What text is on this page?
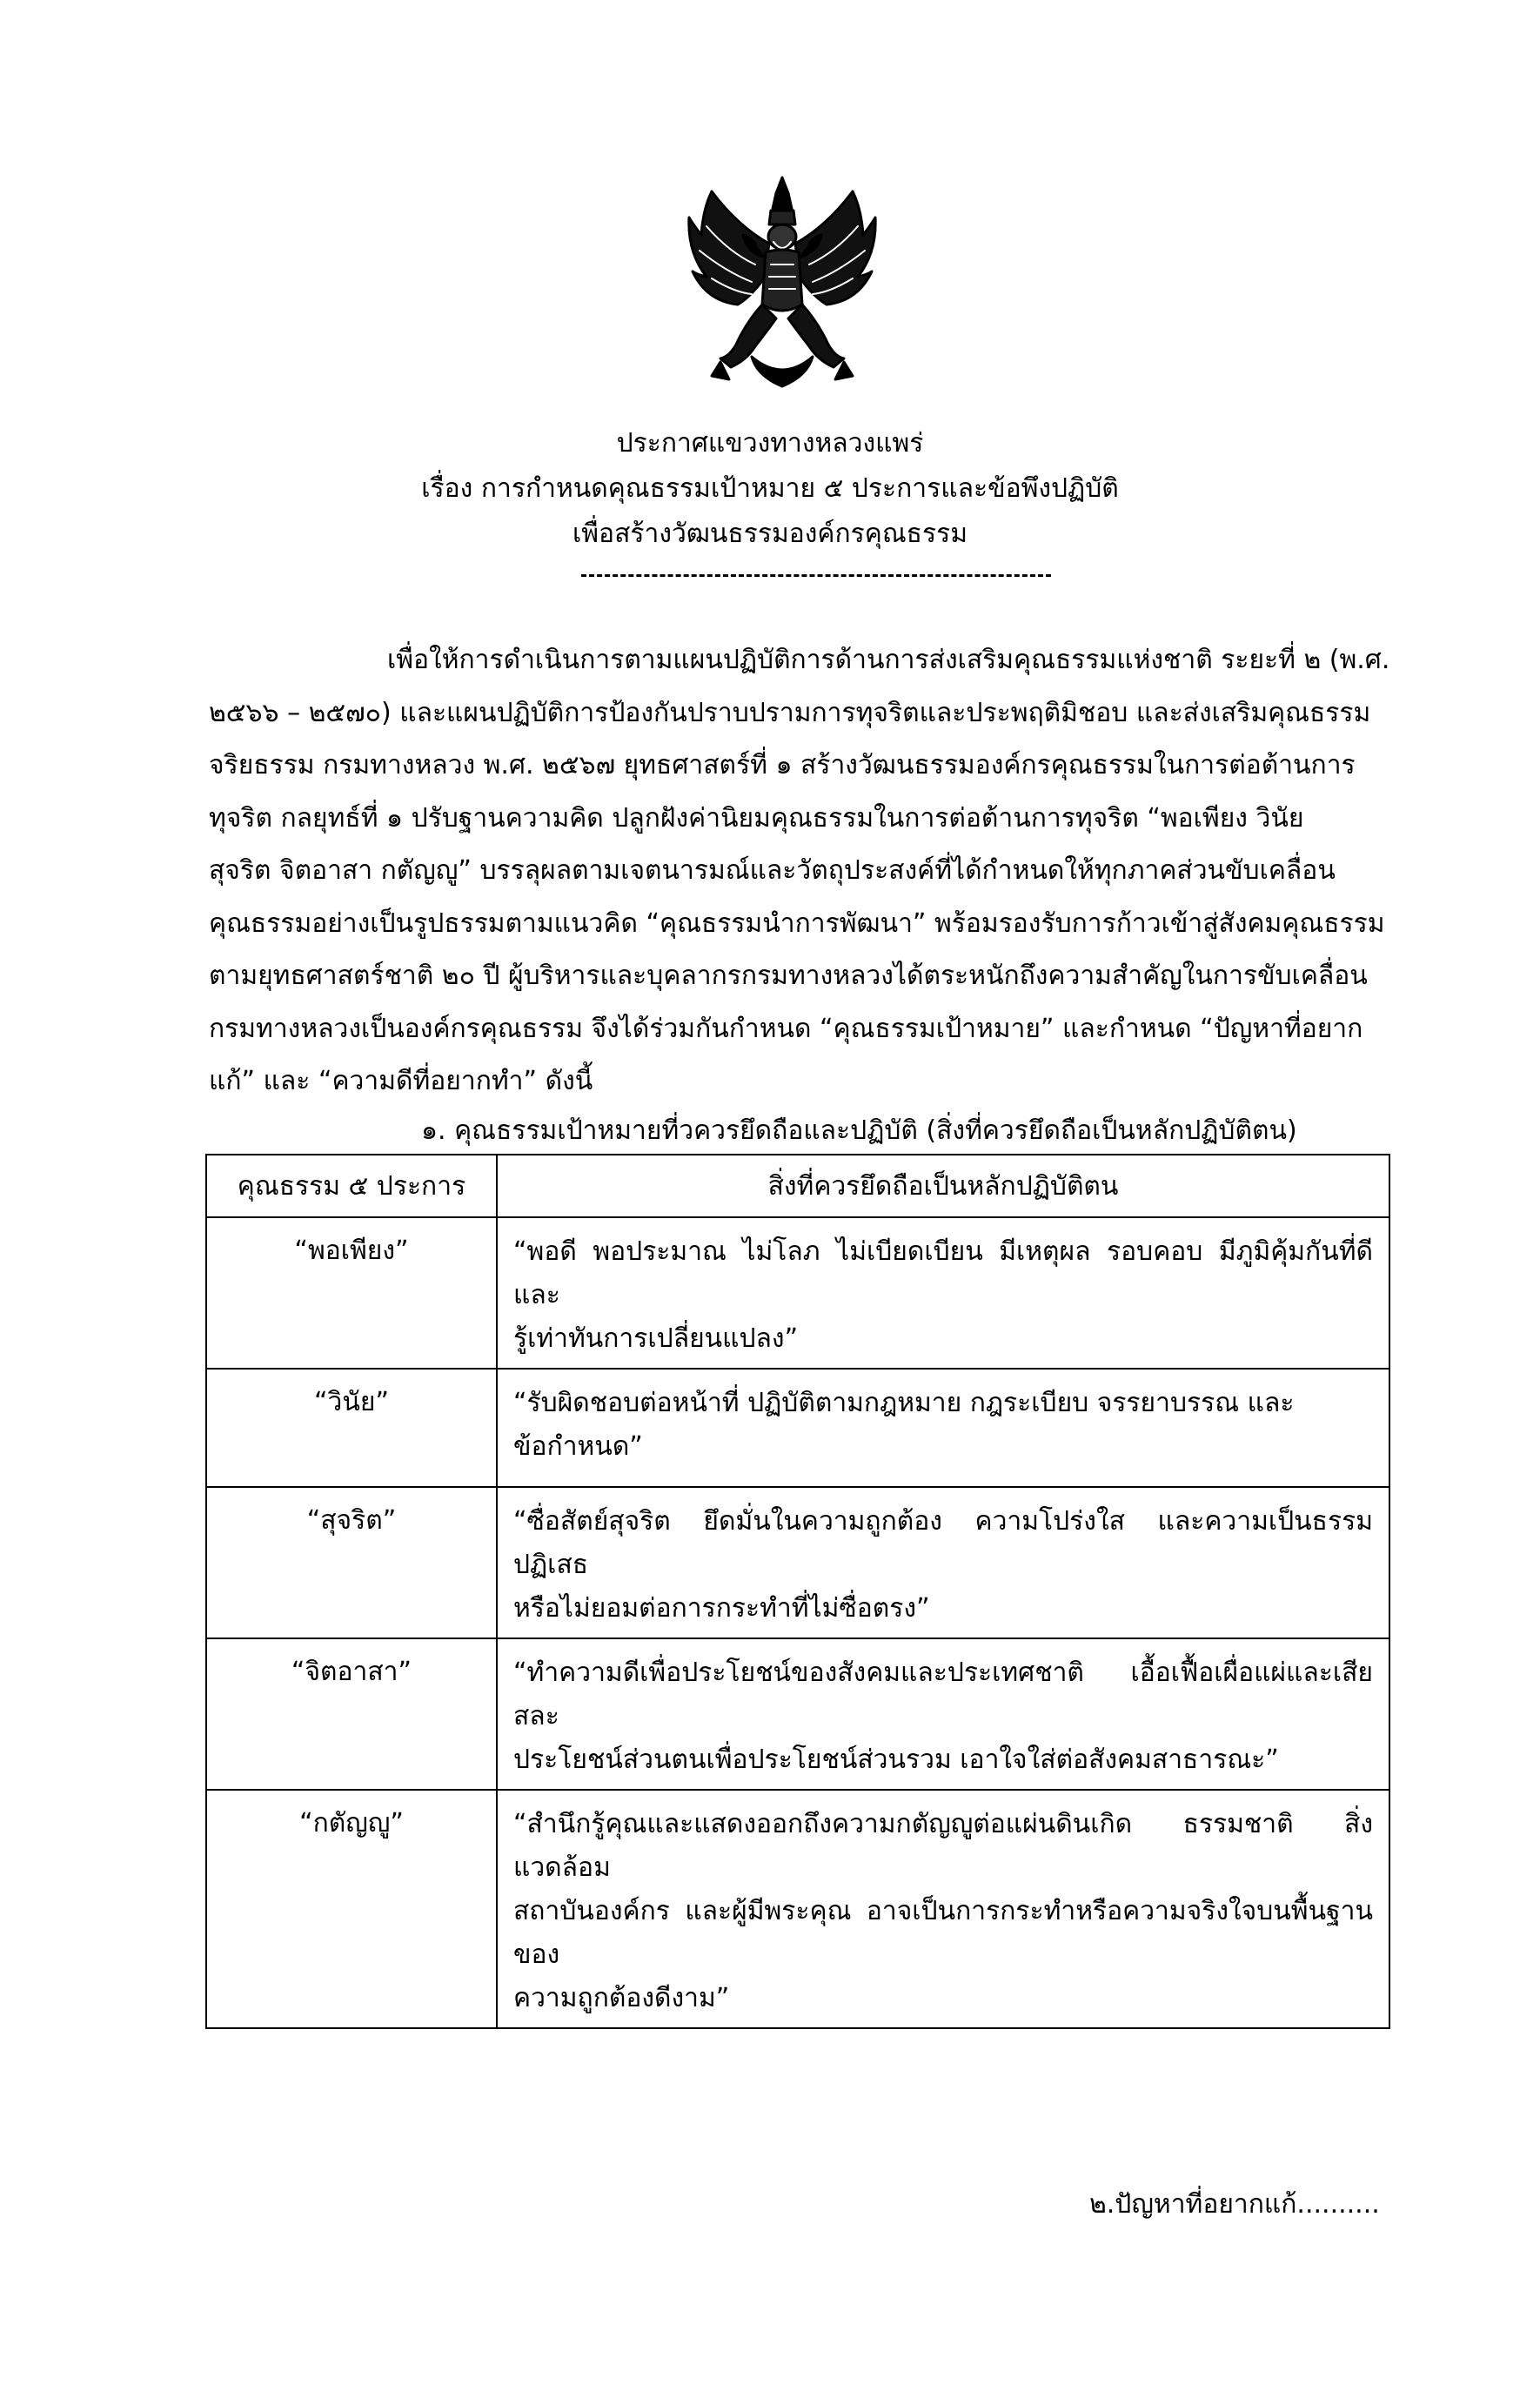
ประกาศแขวงทางหลวงแพร่
เรื่อง การกำหนดคุณธรรมเป้าหมาย ๕ ประการและข้อพึงปฏิบัติ
เพื่อสร้างวัฒนธรรมองค์กรคุณธรรม
เพื่อให้การดำเนินการตามแผนปฏิบัติการด้านการส่งเสริมคุณธรรมแห่งชาติ ระยะที่ ๒ (พ.ศ.
๒๕๖๖ – ๒๕๗๐) และแผนปฏิบัติการป้องกันปราบปรามการทุจริตและประพฤติมิชอบ และส่งเสริมคุณธรรม
จริยธรรม กรมทางหลวง พ.ศ. ๒๕๖๗ ยุทธศาสตร์ที่ ๑ สร้างวัฒนธรรมองค์กรคุณธรรมในการต่อต้านการ
ทุจริต กลยุทธ์ที่ ๑ ปรับฐานความคิด ปลูกฝังค่านิยมคุณธรรมในการต่อต้านการทุจริต “พอเพียง วินัย
สุจริต จิตอาสา กตัญญู” บรรลุผลตามเจตนารมณ์และวัตถุประสงค์ที่ได้กำหนดให้ทุกภาคส่วนขับเคลื่อน
คุณธรรมอย่างเป็นรูปธรรมตามแนวคิด “คุณธรรมนำการพัฒนา” พร้อมรองรับการก้าวเข้าสู่สังคมคุณธรรม
ตามยุทธศาสตร์ชาติ ๒๐ ปี ผู้บริหารและบุคลากรกรมทางหลวงได้ตระหนักถึงความสำคัญในการขับเคลื่อน
กรมทางหลวงเป็นองค์กรคุณธรรม จึงได้ร่วมกันกำหนด “คุณธรรมเป้าหมาย” และกำหนด “ปัญหาที่อยาก
แก้” และ “ความดีที่อยากทำ” ดังนี้
๑. คุณธรรมเป้าหมายที่วควรยึดถือและปฏิบัติ (สิ่งที่ควรยึดถือเป็นหลักปฏิบัติตน)
คุณธรรม ๕ ประการ	สิ่งที่ควรยึดถือเป็นหลักปฏิบัติตน
“พอเพียง”	“พอดี พอประมาณ ไม่โลภ ไม่เบียดเบียน มีเหตุผล รอบคอบ มีภูมิคุ้มกันที่ดี และ
รู้เท่าทันการเปลี่ยนแปลง”

“วินัย”	“รับผิดชอบต่อหน้าที่ ปฏิบัติตามกฎหมาย กฎระเบียบ จรรยาบรรณ และ
ข้อกำหนด”

“สุจริต”	“ซื่อสัตย์สุจริต ยึดมั่นในความถูกต้อง ความโปร่งใส และความเป็นธรรม ปฏิเสธ
หรือไม่ยอมต่อการกระทำที่ไม่ซื่อตรง”

“จิตอาสา”	“ทำความดีเพื่อประโยชน์ของสังคมและประเทศชาติ เอื้อเฟื้อเผื่อแผ่และเสียสละ
ประโยชน์ส่วนตนเพื่อประโยชน์ส่วนรวม เอาใจใส่ต่อสังคมสาธารณะ”

“กตัญญู”	“สำนึกรู้คุณและแสดงออกถึงความกตัญญูต่อแผ่นดินเกิด ธรรมชาติ สิ่งแวดล้อม
สถาบันองค์กร และผู้มีพระคุณ อาจเป็นการกระทำหรือความจริงใจบนพื้นฐานของ
ความถูกต้องดีงาม”
๒.ปัญหาที่อยากแก้..........
